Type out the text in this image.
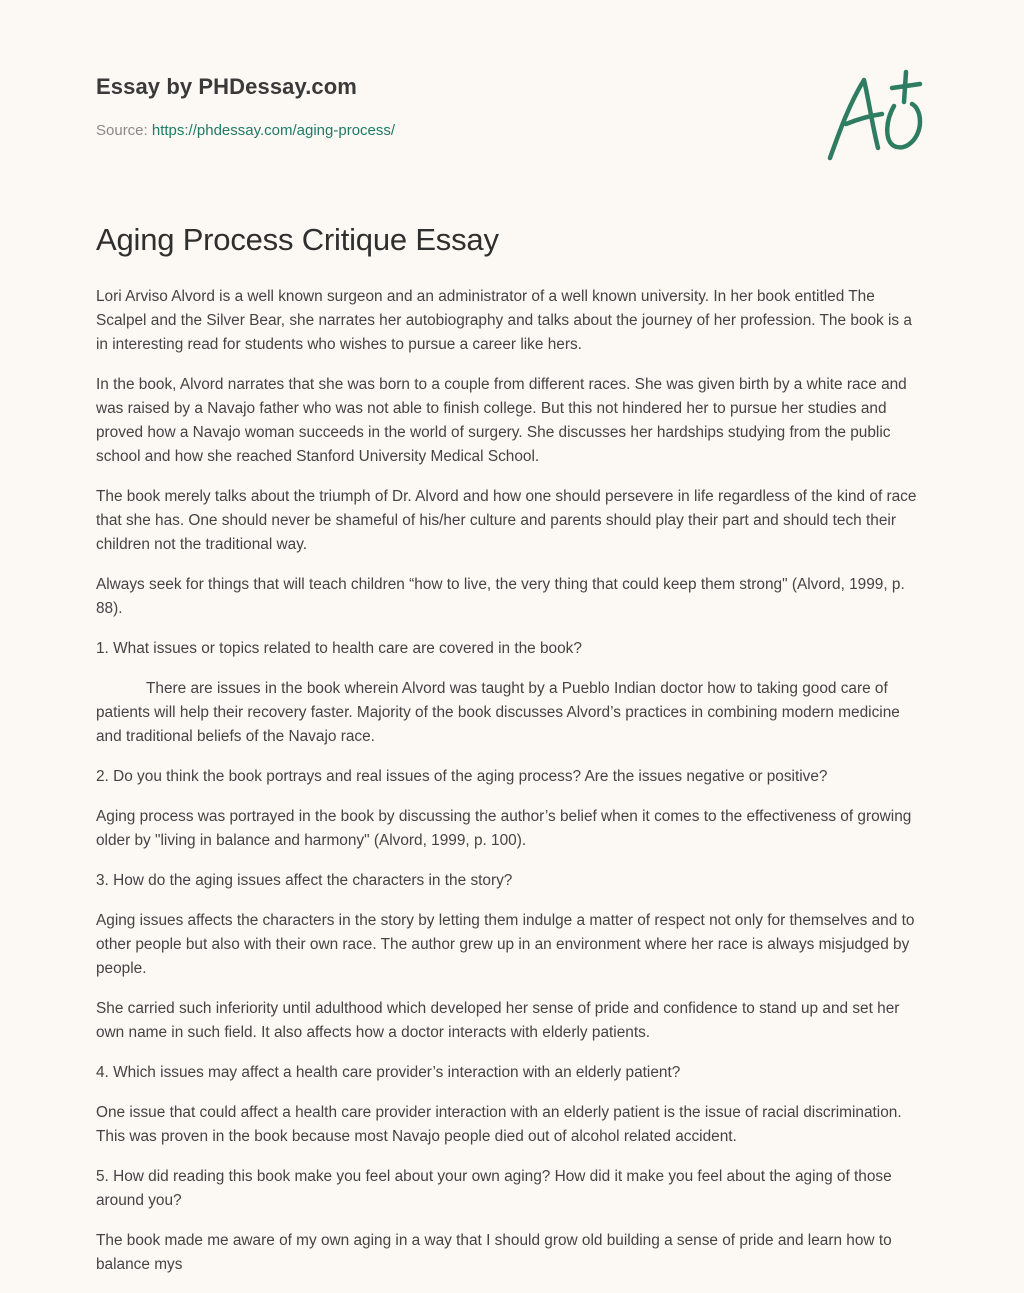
Essay by PHDessay.com

Source: https://phdessay.com/aging-process/
Aging Process Critique Essay

Lori Arviso Alvord is a well known surgeon and an administrator of a well known university. In her book entitled The Scalpel and the Silver Bear, she narrates her autobiography and talks about the journey of her profession. The book is a in interesting read for students who wishes to pursue a career like hers.

In the book, Alvord narrates that she was born to a couple from different races. She was given birth by a white race and was raised by a Navajo father who was not able to finish college. But this not hindered her to pursue her studies and proved how a Navajo woman succeeds in the world of surgery. She discusses her hardships studying from the public school and how she reached Stanford University Medical School.

The book merely talks about the triumph of Dr. Alvord and how one should persevere in life regardless of the kind of race that she has. One should never be shameful of his/her culture and parents should play their part and should tech their children not the traditional way.

Always seek for things that will teach children “how to live, the very thing that could keep them strong" (Alvord, 1999, p. 88).

1. What issues or topics related to health care are covered in the book?

There are issues in the book wherein Alvord was taught by a Pueblo Indian doctor how to taking good care of patients will help their recovery faster. Majority of the book discusses Alvord’s practices in combining modern medicine and traditional beliefs of the Navajo race.

2. Do you think the book portrays and real issues of the aging process? Are the issues negative or positive?

Aging process was portrayed in the book by discussing the author’s belief when it comes to the effectiveness of growing older by "living in balance and harmony" (Alvord, 1999, p. 100).

3. How do the aging issues affect the characters in the story?

Aging issues affects the characters in the story by letting them indulge a matter of respect not only for themselves and to other people but also with their own race. The author grew up in an environment where her race is always misjudged by people.

She carried such inferiority until adulthood which developed her sense of pride and confidence to stand up and set her own name in such field. It also affects how a doctor interacts with elderly patients.

4. Which issues may affect a health care provider’s interaction with an elderly patient?

One issue that could affect a health care provider interaction with an elderly patient is the issue of racial discrimination. This was proven in the book because most Navajo people died out of alcohol related accident.

5. How did reading this book make you feel about your own aging? How did it make you feel about the aging of those around you?

The book made me aware of my own aging in a way that I should grow old building a sense of pride and learn how to balance mys
